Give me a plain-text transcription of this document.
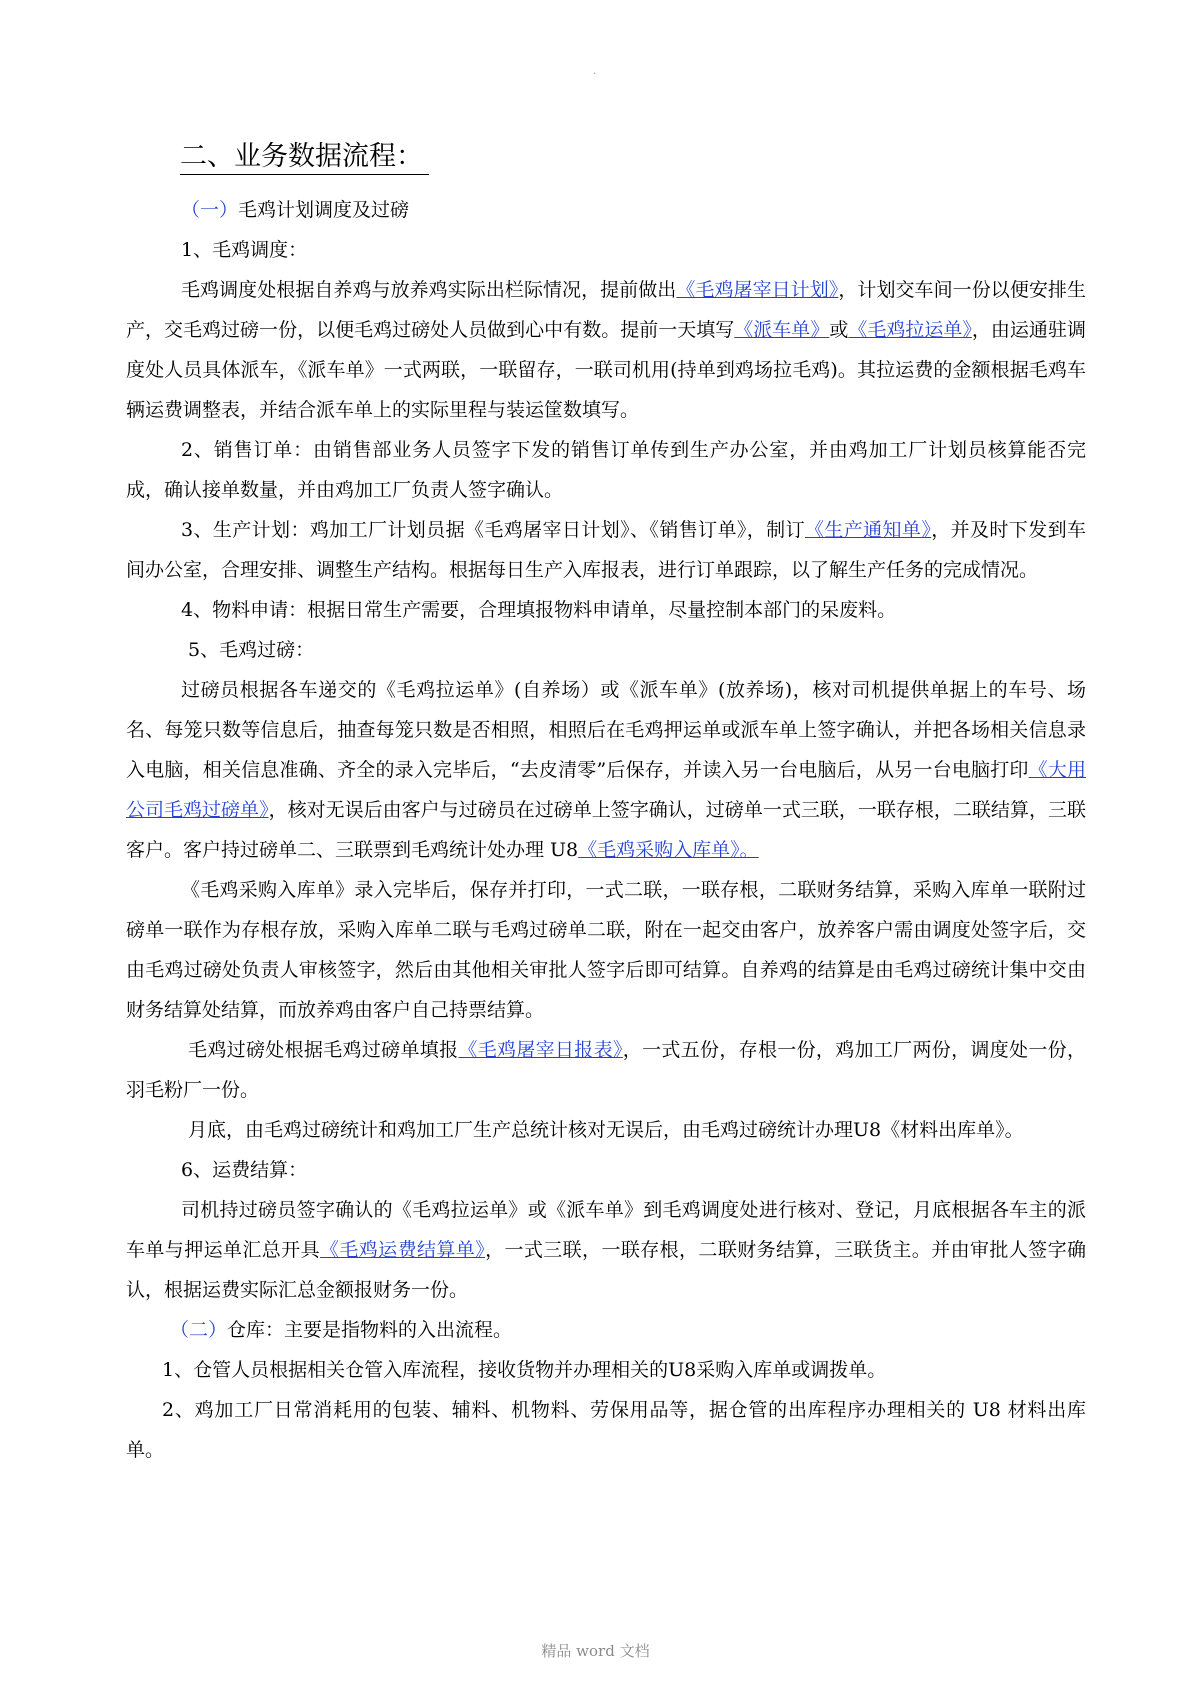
.
二、业务数据流程：

（一）毛鸡计划调度及过磅

1、毛鸡调度：

毛鸡调度处根据自养鸡与放养鸡实际出栏际情况，提前做出《毛鸡屠宰日计划》，计划交车间一份以便安排生产，交毛鸡过磅一份，以便毛鸡过磅处人员做到心中有数。提前一天填写《派车单》或《毛鸡拉运单》，由运通驻调度处人员具体派车，《派车单》一式两联，一联留存，一联司机用(持单到鸡场拉毛鸡)。其拉运费的金额根据毛鸡车辆运费调整表，并结合派车单上的实际里程与装运筐数填写。

2、销售订单：由销售部业务人员签字下发的销售订单传到生产办公室，并由鸡加工厂计划员核算能否完成，确认接单数量，并由鸡加工厂负责人签字确认。

3、生产计划：鸡加工厂计划员据《毛鸡屠宰日计划》、《销售订单》，制订《生产通知单》，并及时下发到车间办公室，合理安排、调整生产结构。根据每日生产入库报表，进行订单跟踪，以了解生产任务的完成情况。

4、物料申请：根据日常生产需要，合理填报物料申请单，尽量控制本部门的呆废料。

5、毛鸡过磅：

过磅员根据各车递交的《毛鸡拉运单》(自养场）或《派车单》(放养场)，核对司机提供单据上的车号、场名、每笼只数等信息后，抽查每笼只数是否相照，相照后在毛鸡押运单或派车单上签字确认，并把各场相关信息录入电脑，相关信息准确、齐全的录入完毕后，“去皮清零”后保存，并读入另一台电脑后，从另一台电脑打印《大用公司毛鸡过磅单》，核对无误后由客户与过磅员在过磅单上签字确认，过磅单一式三联，一联存根，二联结算，三联客户。客户持过磅单二、三联票到毛鸡统计处办理 U8《毛鸡采购入库单》。

《毛鸡采购入库单》录入完毕后，保存并打印，一式二联，一联存根，二联财务结算，采购入库单一联附过磅单一联作为存根存放，采购入库单二联与毛鸡过磅单二联，附在一起交由客户，放养客户需由调度处签字后，交由毛鸡过磅处负责人审核签字，然后由其他相关审批人签字后即可结算。自养鸡的结算是由毛鸡过磅统计集中交由财务结算处结算，而放养鸡由客户自己持票结算。

毛鸡过磅处根据毛鸡过磅单填报《毛鸡屠宰日报表》，一式五份，存根一份，鸡加工厂两份，调度处一份，羽毛粉厂一份。

月底，由毛鸡过磅统计和鸡加工厂生产总统计核对无误后，由毛鸡过磅统计办理U8《材料出库单》。

6、运费结算：

司机持过磅员签字确认的《毛鸡拉运单》或《派车单》到毛鸡调度处进行核对、登记，月底根据各车主的派车单与押运单汇总开具《毛鸡运费结算单》，一式三联，一联存根，二联财务结算，三联货主。并由审批人签字确认，根据运费实际汇总金额报财务一份。

（二）仓库：主要是指物料的入出流程。

1、仓管人员根据相关仓管入库流程，接收货物并办理相关的U8采购入库单或调拨单。

2、鸡加工厂日常消耗用的包装、辅料、机物料、劳保用品等，据仓管的出库程序办理相关的 U8 材料出库单。

精品 word 文档
